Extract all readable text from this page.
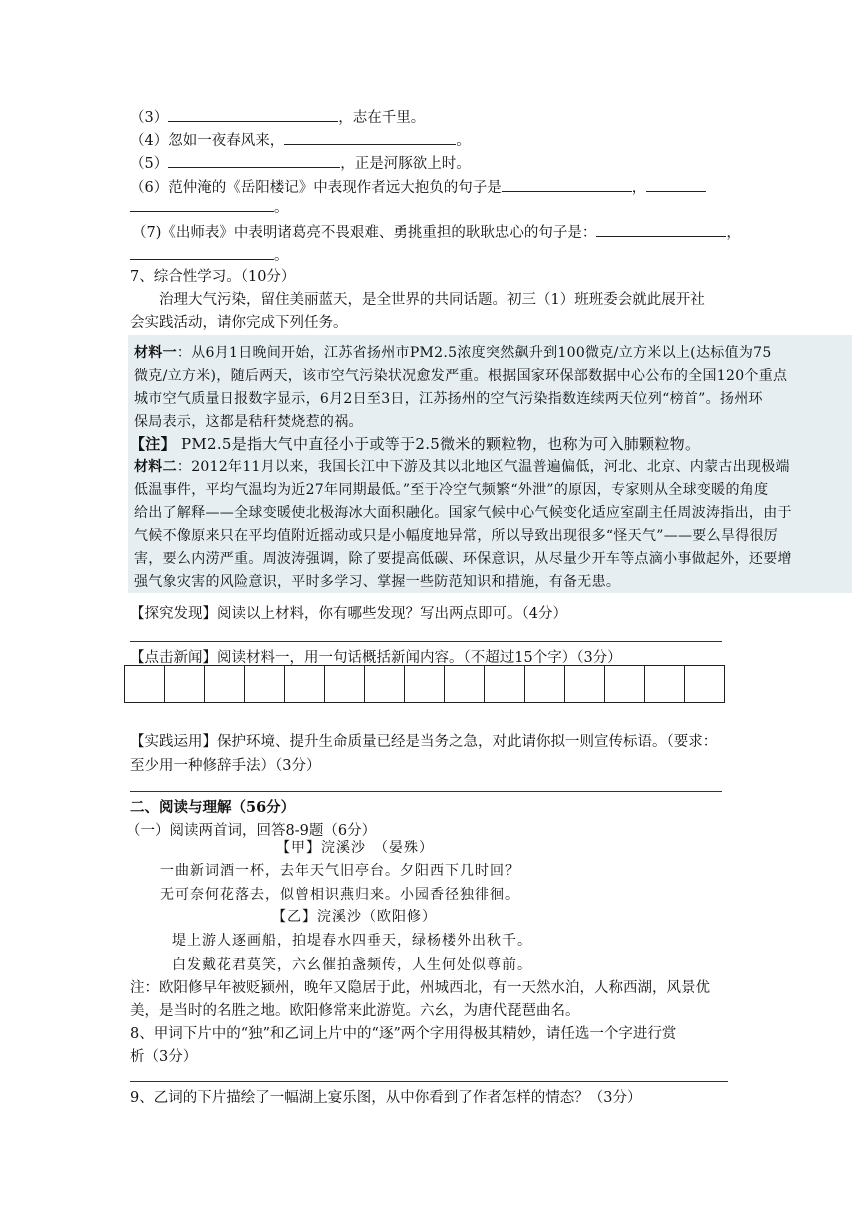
（3）	，志在千里。
（4）忽如一夜春风来，	。
（5）	，正是河豚欲上时。
（6）范仲淹的《岳阳楼记》中表现作者远大抱负的句子是	，
。
（7)《出师表》中表明诸葛亮不畏艰难、勇挑重担的耿耿忠心的句子是：	，
。
7、综合性学习。（10分）
治理大气污染，留住美丽蓝天，是全世界的共同话题。初三（1）班班委会就此展开社
会实践活动，请你完成下列任务。
材料一：从6月1日晚间开始，江苏省扬州市PM2.5浓度突然飙升到100微克/立方米以上(达标值为75
微克/立方米)，随后两天，该市空气污染状况愈发严重。根据国家环保部数据中心公布的全国120个重点
城市空气质量日报数字显示，6月2日至3日，江苏扬州的空气污染指数连续两天位列“榜首”。扬州环
保局表示，这都是秸秆焚烧惹的祸。
【注】 PM2.5是指大气中直径小于或等于2.5微米的颗粒物，也称为可入肺颗粒物。
材料二：2012年11月以来，我国长江中下游及其以北地区气温普遍偏低，河北、北京、内蒙古出现极端
低温事件，平均气温均为近27年同期最低。”至于冷空气频繁“外泄”的原因，专家则从全球变暖的角度
给出了解释——全球变暖使北极海冰大面积融化。国家气候中心气候变化适应室副主任周波涛指出，由于
气候不像原来只在平均值附近摇动或只是小幅度地异常，所以导致出现很多“怪天气”——要么旱得很厉
害，要么内涝严重。周波涛强调，除了要提高低碳、环保意识，从尽量少开车等点滴小事做起外，还要增
强气象灾害的风险意识，平时多学习、掌握一些防范知识和措施，有备无患。
【探究发现】阅读以上材料，你有哪些发现？写出两点即可。（4分）
【点击新闻】阅读材料一，用一句话概括新闻内容。（不超过15个字）（3分）

【实践运用】保护环境、提升生命质量已经是当务之急，对此请你拟一则宣传标语。（要求：
至少用一种修辞手法）（3分）
二、阅读与理解（56分）
（一）阅读两首词，回答8-9题（6分）
【甲】浣溪沙　（晏殊）
一曲新词酒一杯，去年天气旧亭台。夕阳西下几时回？
无可奈何花落去，似曾相识燕归来。小园香径独徘徊。
【乙】浣溪沙（欧阳修）
堤上游人逐画船，拍堤春水四垂天，绿杨楼外出秋千。
白发戴花君莫笑，六幺催拍盏频传，人生何处似尊前。
注：欧阳修早年被贬颍州，晚年又隐居于此，州城西北，有一天然水泊，人称西湖，风景优
美，是当时的名胜之地。欧阳修常来此游览。六幺，为唐代琵琶曲名。
8、甲词下片中的“独”和乙词上片中的“逐”两个字用得极其精妙，请任选一个字进行赏
析（3分）
9、乙词的下片描绘了一幅湖上宴乐图，从中你看到了作者怎样的情态？（3分）
